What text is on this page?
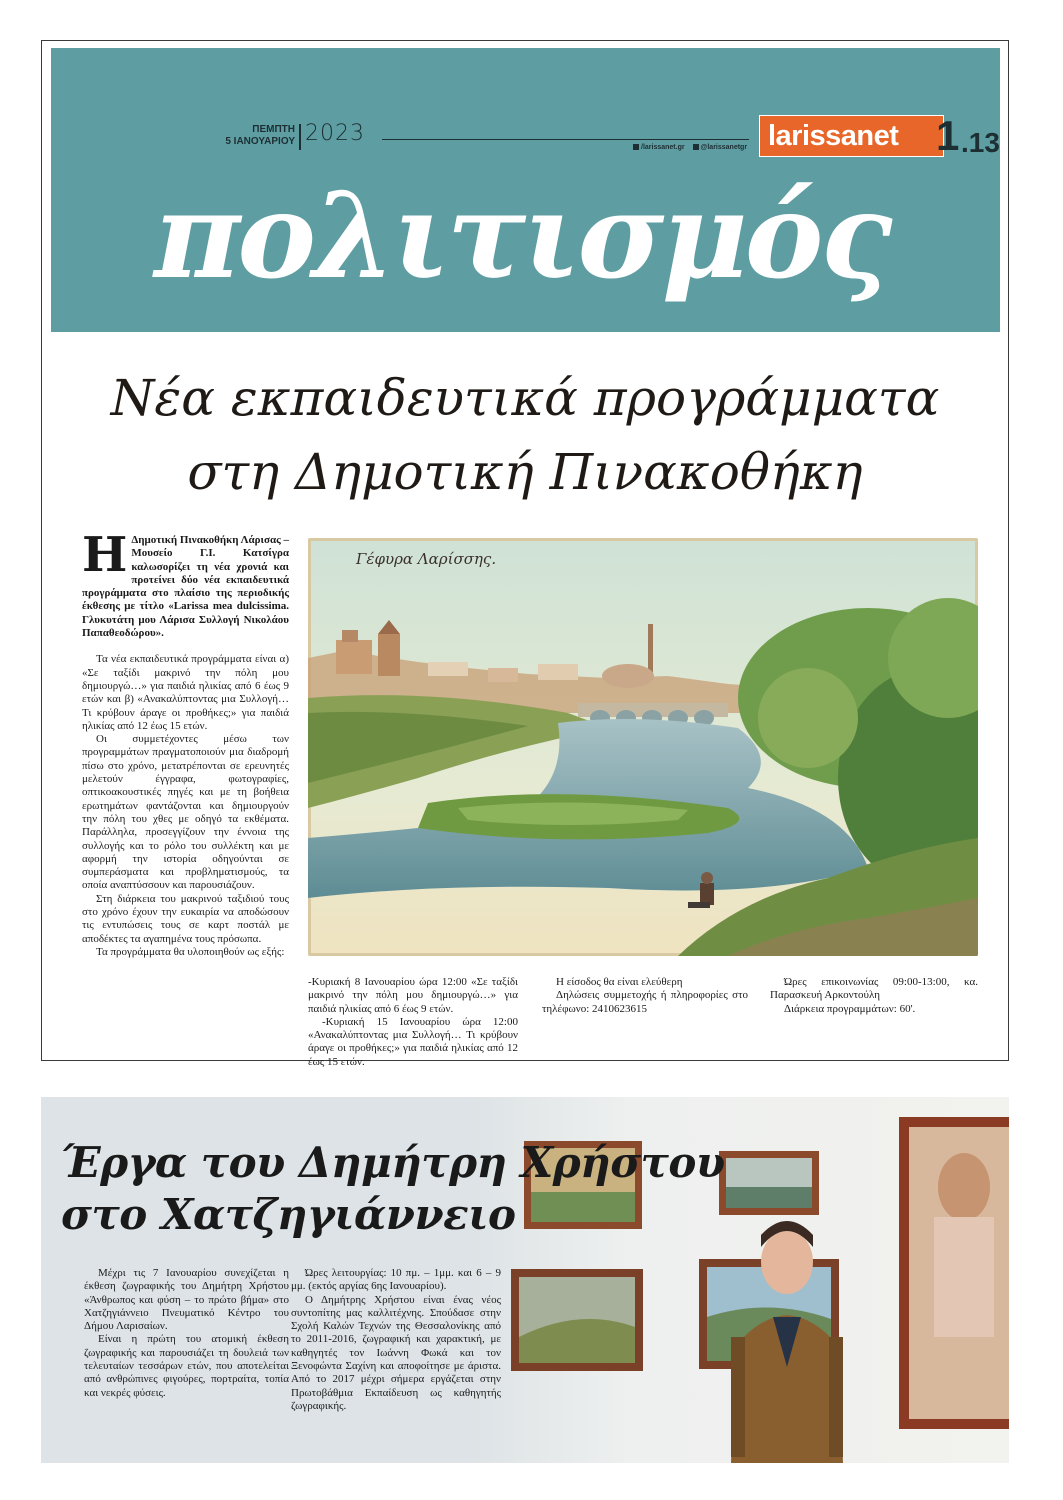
ΠΕΜΠΤΗ
5 ΙΑΝΟΥΑΡΙΟΥ 2023
/larissanet.gr @larissanetgr larissanet 1 .13
πολιτισμός
Νέα εκπαιδευτικά προγράμματα
στη Δημοτική Πινακοθήκη

Η Δημοτική Πινακοθήκη Λάρισας – Μουσείο Γ.Ι. Κατσίγρα καλωσορίζει τη νέα χρονιά και προτείνει δύο νέα εκπαιδευτικά προγράμματα στο πλαίσιο της περιοδικής έκθεσης με τίτλο «Larissa mea dulcissima. Γλυκυτάτη μου Λάρισα Συλλογή Νικολάου Παπαθεοδώρου».

Τα νέα εκπαιδευτικά προγράμματα είναι α) «Σε ταξίδι μακρινό την πόλη μου δημιουργώ…» για παιδιά ηλικίας από 6 έως 9 ετών και β) «Ανακαλύπτοντας μια Συλλογή… Τι κρύβουν άραγε οι προθήκες;» για παιδιά ηλικίας από 12 έως 15 ετών.

Οι συμμετέχοντες μέσω των προγραμμάτων πραγματοποιούν μια διαδρομή πίσω στο χρόνο, μετατρέπονται σε ερευνητές μελετούν έγγραφα, φωτογραφίες, οπτικοακουστικές πηγές και με τη βοήθεια ερωτημάτων φαντάζονται και δημιουργούν την πόλη του χθες με οδηγό τα εκθέματα. Παράλληλα, προσεγγίζουν την έννοια της συλλογής και το ρόλο του συλλέκτη και με αφορμή την ιστορία οδηγούνται σε συμπεράσματα και προβληματισμούς, τα οποία αναπτύσσουν και παρουσιάζουν.

Στη διάρκεια του μακρινού ταξιδιού τους στο χρόνο έχουν την ευκαιρία να αποδώσουν τις εντυπώσεις τους σε καρτ ποστάλ με αποδέκτες τα αγαπημένα τους πρόσωπα.

Τα προγράμματα θα υλοποιηθούν ως εξής:

Γέφυρα Λαρίσσης.

-Κυριακή 8 Ιανουαρίου ώρα 12:00 «Σε ταξίδι μακρινό την πόλη μου δημιουργώ…» για παιδιά ηλικίας από 6 έως 9 ετών.

-Κυριακή 15 Ιανουαρίου ώρα 12:00 «Ανακαλύπτοντας μια Συλλογή… Τι κρύβουν άραγε οι προθήκες;» για παιδιά ηλικίας από 12 έως 15 ετών.

Η είσοδος θα είναι ελεύθερη

Δηλώσεις συμμετοχής ή πληροφορίες στο τηλέφωνο: 2410623615

Ώρες επικοινωνίας 09:00-13:00, κα. Παρασκευή Αρκοντούλη

Διάρκεια προγραμμάτων: 60'.

Έργα του Δημήτρη Χρήστου
στο Χατζηγιάννειο

Μέχρι τις 7 Ιανουαρίου συνεχίζεται η έκθεση ζωγραφικής του Δημήτρη Χρήστου «Άνθρωπος και φύση – το πρώτο βήμα» στο Χατζηγιάννειο Πνευματικό Κέντρο του Δήμου Λαρισαίων.

Είναι η πρώτη του ατομική έκθεση ζωγραφικής και παρουσιάζει τη δουλειά των τελευταίων τεσσάρων ετών, που αποτελείται από ανθρώπινες φιγούρες, πορτραίτα, τοπία και νεκρές φύσεις.

Ώρες λειτουργίας: 10 πμ. – 1μμ. και 6 – 9 μμ. (εκτός αργίας 6ης Ιανουαρίου).

Ο Δημήτρης Χρήστου είναι ένας νέος συντοπίτης μας καλλιτέχνης. Σπούδασε στην Σχολή Καλών Τεχνών της Θεσσαλονίκης από το 2011-2016, ζωγραφική και χαρακτική, με καθηγητές τον Ιωάννη Φωκά και τον Ξενοφώντα Σαχίνη και αποφοίτησε με άριστα. Από το 2017 μέχρι σήμερα εργάζεται στην Πρωτοβάθμια Εκπαίδευση ως καθηγητής ζωγραφικής.
